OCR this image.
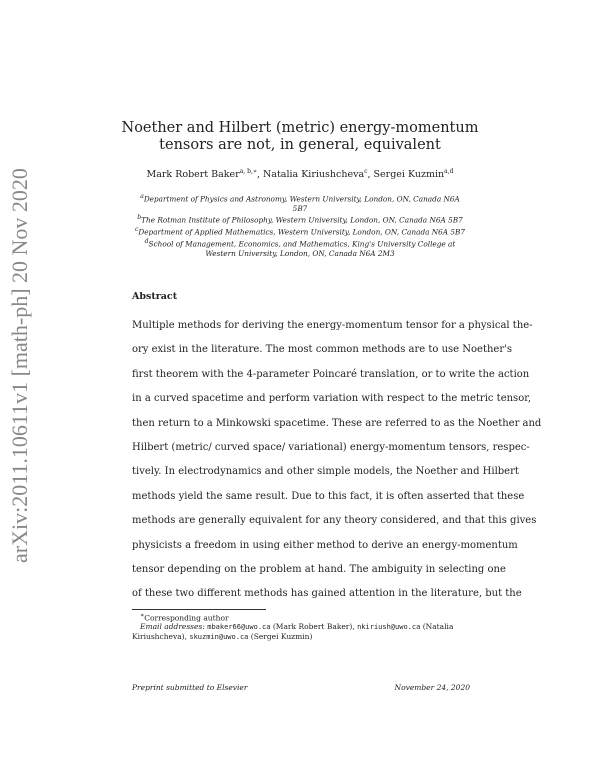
arXiv:2011.10611v1 [math-ph] 20 Nov 2020
Noether and Hilbert (metric) energy-momentum
tensors are not, in general, equivalent
Mark Robert Baker$^{a, b,∗}$, Natalia Kiriushcheva$^c$, Sergei Kuzmin$^{a,d}$
$^a$Department of Physics and Astronomy, Western University, London, ON, Canada N6A
5B7
$^b$The Rotman Institute of Philosophy, Western University, London, ON, Canada N6A 5B7
$^c$Department of Applied Mathematics, Western University, London, ON, Canada N6A 5B7
$^d$School of Management, Economics, and Mathematics, King's University College at
Western University, London, ON, Canada N6A 2M3
Abstract
Multiple methods for deriving the energy-momentum tensor for a physical the-
ory exist in the literature. The most common methods are to use Noether's
first theorem with the 4-parameter Poincaré translation, or to write the action
in a curved spacetime and perform variation with respect to the metric tensor,
then return to a Minkowski spacetime. These are referred to as the Noether and
Hilbert (metric/ curved space/ variational) energy-momentum tensors, respec-
tively. In electrodynamics and other simple models, the Noether and Hilbert
methods yield the same result. Due to this fact, it is often asserted that these
methods are generally equivalent for any theory considered, and that this gives
physicists a freedom in using either method to derive an energy-momentum
tensor depending on the problem at hand. The ambiguity in selecting one
of these two different methods has gained attention in the literature, but the
∗Corresponding author
Email addresses: mbaker66@uwo.ca (Mark Robert Baker), nkiriush@uwo.ca (Natalia
Kiriushcheva), skuzmin@uwo.ca (Sergei Kuzmin)
Preprint submitted to Elsevier	November 24, 2020
